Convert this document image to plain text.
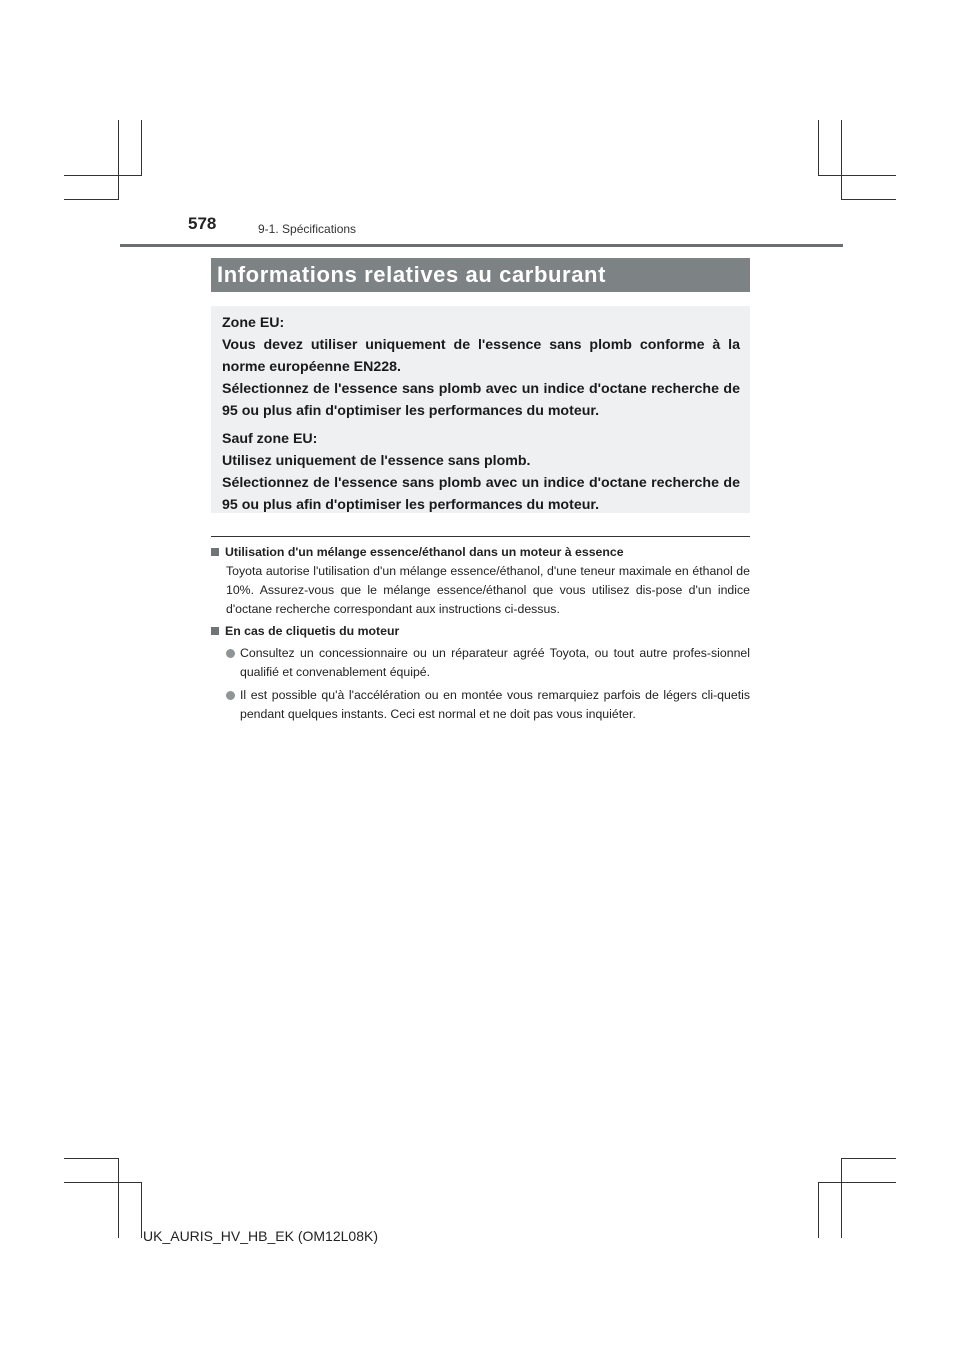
578	9-1. Spécifications
Informations relatives au carburant

Zone EU:

Vous devez utiliser uniquement de l'essence sans plomb conforme à la norme européenne EN228.

Sélectionnez de l'essence sans plomb avec un indice d'octane recherche de 95 ou plus afin d'optimiser les performances du moteur.

Sauf zone EU:

Utilisez uniquement de l'essence sans plomb.

Sélectionnez de l'essence sans plomb avec un indice d'octane recherche de 95 ou plus afin d'optimiser les performances du moteur.

Utilisation d'un mélange essence/éthanol dans un moteur à essence
Toyota autorise l'utilisation d'un mélange essence/éthanol, d'une teneur maximale en éthanol de 10%. Assurez-vous que le mélange essence/éthanol que vous utilisez dis-pose d'un indice d'octane recherche correspondant aux instructions ci-dessus.
En cas de cliquetis du moteur
Consultez un concessionnaire ou un réparateur agréé Toyota, ou tout autre profes-sionnel qualifié et convenablement équipé.
Il est possible qu'à l'accélération ou en montée vous remarquiez parfois de légers cli-quetis pendant quelques instants. Ceci est normal et ne doit pas vous inquiéter.
UK_AURIS_HV_HB_EK (OM12L08K)
